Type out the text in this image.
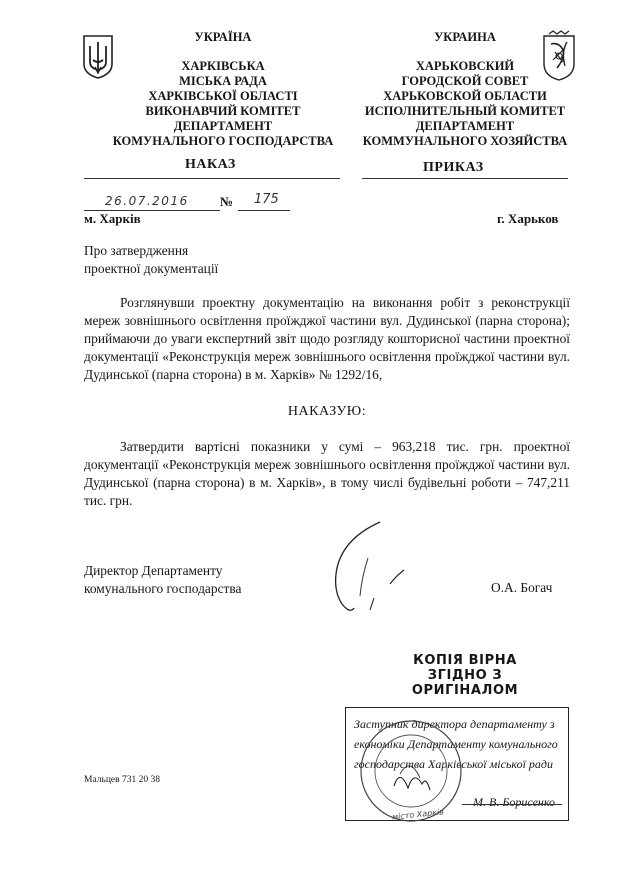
УКРАЇНА
ХАРКІВСЬКА
МІСЬКА РАДА
ХАРКІВСЬКОЇ ОБЛАСТІ
ВИКОНАВЧИЙ КОМІТЕТ
ДЕПАРТАМЕНТ
КОМУНАЛЬНОГО ГОСПОДАРСТВА
УКРАИНА
ХАРЬКОВСКИЙ
ГОРОДСКОЙ СОВЕТ
ХАРЬКОВСКОЙ ОБЛАСТИ
ИСПОЛНИТЕЛЬНЫЙ КОМИТЕТ
ДЕПАРТАМЕНТ
КОММУНАЛЬНОГО ХОЗЯЙСТВА
НАКАЗ	ПРИКАЗ
26.07.2016 № 175
м. Харків	г. Харьков
Про затвердження
проектної документації
Розглянувши проектну документацію на виконання робіт з реконструкції мереж зовнішнього освітлення проїжджої частини вул. Дудинської (парна сторона); приймаючи до уваги експертний звіт щодо розгляду кошторисної частини проектної документації «Реконструкція мереж зовнішнього освітлення проїжджої частини вул. Дудинської (парна сторона) в м. Харків» № 1292/16,
НАКАЗУЮ:
Затвердити вартісні показники у сумі – 963,218 тис. грн. проектної документації «Реконструкція мереж зовнішнього освітлення проїжджої частини вул. Дудинської (парна сторона) в м. Харків», в тому числі будівельні роботи – 747,211 тис. грн.
Директор Департаменту
комунального господарства	О.А. Богач
КОПІЯ ВІРНА
ЗГІДНО З
ОРИГІНАЛОМ
Заступник директора департаменту з
економіки Департаменту комунального
господарства Харківської міської ради
М. В. Борисенко
місто Харків
Мальцев 731 20 38
